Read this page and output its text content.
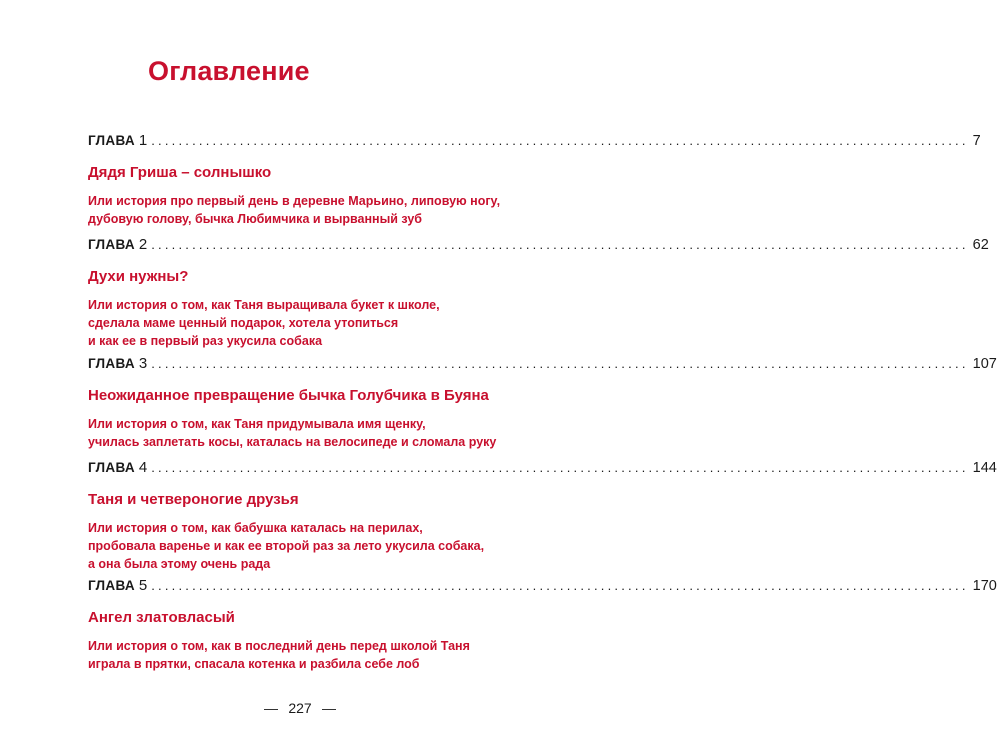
Оглавление
ГЛАВА 1 ........................................................................................................................ 7
Дядя Гриша – солнышко
Или история про первый день в деревне Марьино, липовую ногу,
дубовую голову, бычка Любимчика и вырванный зуб
ГЛАВА 2 ........................................................................................................................ 62
Духи нужны?
Или история о том, как Таня выращивала букет к школе,
сделала маме ценный подарок, хотела утопиться
и как ее в первый раз укусила собака
ГЛАВА 3 ........................................................................................................................ 107
Неожиданное превращение бычка Голубчика в Буяна
Или история о том, как Таня придумывала имя щенку,
училась заплетать косы, каталась на велосипеде и сломала руку
ГЛАВА 4 ........................................................................................................................ 144
Таня и четвероногие друзья
Или история о том, как бабушка каталась на перилах,
пробовала варенье и как ее второй раз за лето укусила собака,
а она была этому очень рада
ГЛАВА 5 ........................................................................................................................ 170
Ангел златовласый
Или история о том, как в последний день перед школой Таня
играла в прятки, спасала котенка и разбила себе лоб
227
